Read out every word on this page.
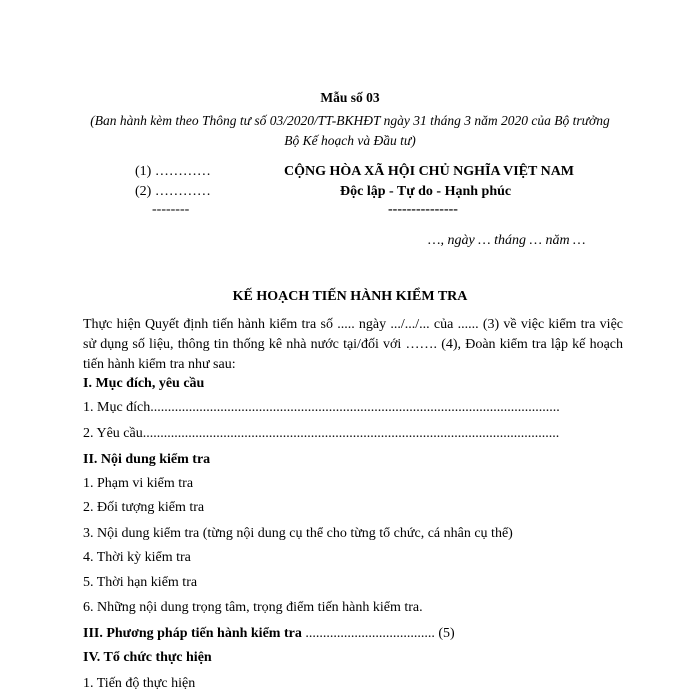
Mẫu số 03
(Ban hành kèm theo Thông tư số 03/2020/TT-BKHĐT ngày 31 tháng 3 năm 2020 của Bộ trưởng
Bộ Kế hoạch và Đầu tư)
(1) …………
(2) …………
--------
CỘNG HÒA XÃ HỘI CHỦ NGHĨA VIỆT NAM
Độc lập - Tự do - Hạnh phúc
---------------
…, ngày … tháng … năm …
KẾ HOẠCH TIẾN HÀNH KIỂM TRA
Thực hiện Quyết định tiến hành kiểm tra số ..... ngày .../.../... của ...... (3) về việc kiểm tra việc sử dụng số liệu, thông tin thống kê nhà nước tại/đối với ……. (4), Đoàn kiểm tra lập kế hoạch tiến hành kiểm tra như sau:
I. Mục đích, yêu cầu
1. Mục đích.....................................................................................................................
2. Yêu cầu.......................................................................................................................
II. Nội dung kiểm tra
1. Phạm vi kiểm tra
2. Đối tượng kiểm tra
3. Nội dung kiểm tra (từng nội dung cụ thể cho từng tổ chức, cá nhân cụ thể)
4. Thời kỳ kiểm tra
5. Thời hạn kiểm tra
6. Những nội dung trọng tâm, trọng điểm tiến hành kiểm tra.
III. Phương pháp tiến hành kiểm tra ..................................... (5)
IV. Tổ chức thực hiện
1. Tiến độ thực hiện
